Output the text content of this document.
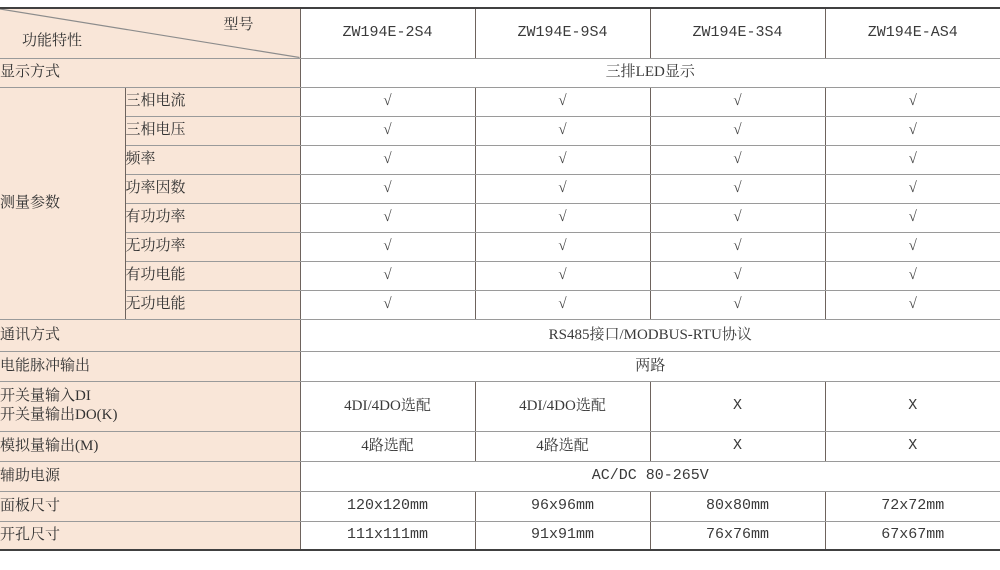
型号
功能特性		ZW194E-2S4	ZW194E-9S4	ZW194E-3S4	ZW194E-AS4
显示方式		三排LED显示			
测量参数	三相电流	√	√	√	√
	三相电压	√	√	√	√
	频率	√	√	√	√
	功率因数	√	√	√	√
	有功功率	√	√	√	√
	无功功率	√	√	√	√
	有功电能	√	√	√	√
	无功电能	√	√	√	√
通讯方式		RS485接口/MODBUS-RTU协议			
电能脉冲输出		两路			

开关量输入DI
开关量输出DO(K)		4DI/4DO选配	4DI/4DO选配	X	X
模拟量输出(M)		4路选配	4路选配	X	X
辅助电源		AC/DC 80-265V			
面板尺寸		120x120mm	96x96mm	80x80mm	72x72mm
开孔尺寸		111x111mm	91x91mm	76x76mm	67x67mm
